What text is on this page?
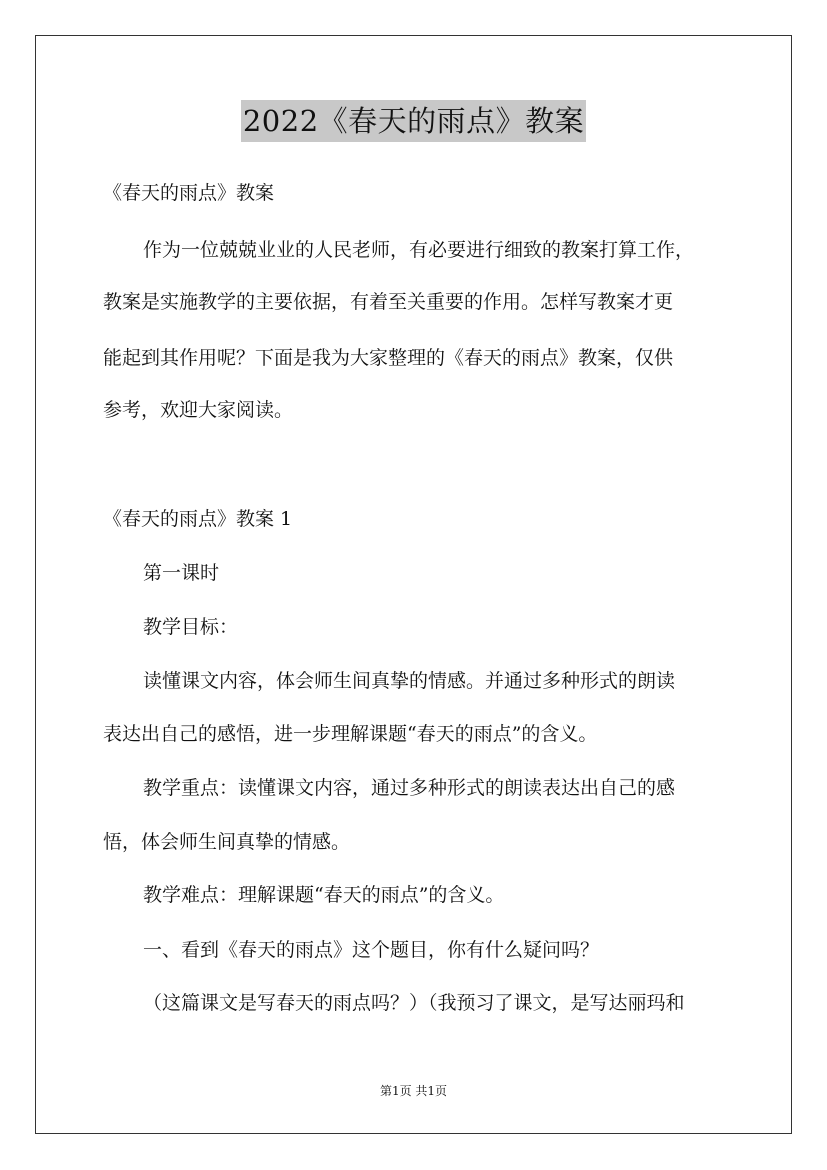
2022《春天的雨点》教案
《春天的雨点》教案
作为一位兢兢业业的人民老师，有必要进行细致的教案打算工作，
教案是实施教学的主要依据，有着至关重要的作用。怎样写教案才更
能起到其作用呢？下面是我为大家整理的《春天的雨点》教案，仅供
参考，欢迎大家阅读。
《春天的雨点》教案 1
第一课时
教学目标：
读懂课文内容，体会师生间真挚的情感。并通过多种形式的朗读
表达出自己的感悟，进一步理解课题“春天的雨点”的含义。
教学重点：读懂课文内容，通过多种形式的朗读表达出自己的感
悟，体会师生间真挚的情感。
教学难点：理解课题“春天的雨点”的含义。
一、看到《春天的雨点》这个题目，你有什么疑问吗？
（这篇课文是写春天的雨点吗？）（我预习了课文，是写达丽玛和
第1页 共1页
